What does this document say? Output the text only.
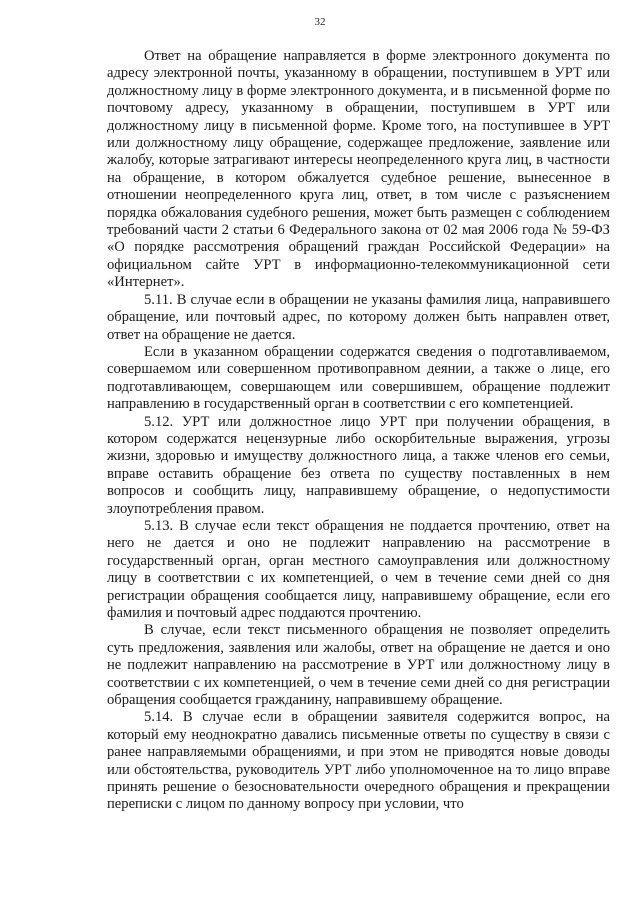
32

Ответ на обращение направляется в форме электронного документа по адресу электронной почты, указанному в обращении, поступившем в УРТ или должностному лицу в форме электронного документа, и в письменной форме по почтовому адресу, указанному в обращении, поступившем в УРТ или должностному лицу в письменной форме. Кроме того, на поступившее в УРТ или должностному лицу обращение, содержащее предложение, заявление или жалобу, которые затрагивают интересы неопределенного круга лиц, в частности на обращение, в котором обжалуется судебное решение, вынесенное в отношении неопределенного круга лиц, ответ, в том числе с разъяснением порядка обжалования судебного решения, может быть размещен с соблюдением требований части 2 статьи 6 Федерального закона от 02 мая 2006 года № 59-ФЗ «О порядке рассмотрения обращений граждан Российской Федерации» на официальном сайте УРТ в информационно-телекоммуникационной сети «Интернет».

5.11. В случае если в обращении не указаны фамилия лица, направившего обращение, или почтовый адрес, по которому должен быть направлен ответ, ответ на обращение не дается.

Если в указанном обращении содержатся сведения о подготавливаемом, совершаемом или совершенном противоправном деянии, а также о лице, его подготавливающем, совершающем или совершившем, обращение подлежит направлению в государственный орган в соответствии с его компетенцией.

5.12. УРТ или должностное лицо УРТ при получении обращения, в котором содержатся нецензурные либо оскорбительные выражения, угрозы жизни, здоровью и имуществу должностного лица, а также членов его семьи, вправе оставить обращение без ответа по существу поставленных в нем вопросов и сообщить лицу, направившему обращение, о недопустимости злоупотребления правом.

5.13. В случае если текст обращения не поддается прочтению, ответ на него не дается и оно не подлежит направлению на рассмотрение в государственный орган, орган местного самоуправления или должностному лицу в соответствии с их компетенцией, о чем в течение семи дней со дня регистрации обращения сообщается лицу, направившему обращение, если его фамилия и почтовый адрес поддаются прочтению.

В случае, если текст письменного обращения не позволяет определить суть предложения, заявления или жалобы, ответ на обращение не дается и оно не подлежит направлению на рассмотрение в УРТ или должностному лицу в соответствии с их компетенцией, о чем в течение семи дней со дня регистрации обращения сообщается гражданину, направившему обращение.

5.14. В случае если в обращении заявителя содержится вопрос, на который ему неоднократно давались письменные ответы по существу в связи с ранее направляемыми обращениями, и при этом не приводятся новые доводы или обстоятельства, руководитель УРТ либо уполномоченное на то лицо вправе принять решение о безосновательности очередного обращения и прекращении переписки с лицом по данному вопросу при условии, что
